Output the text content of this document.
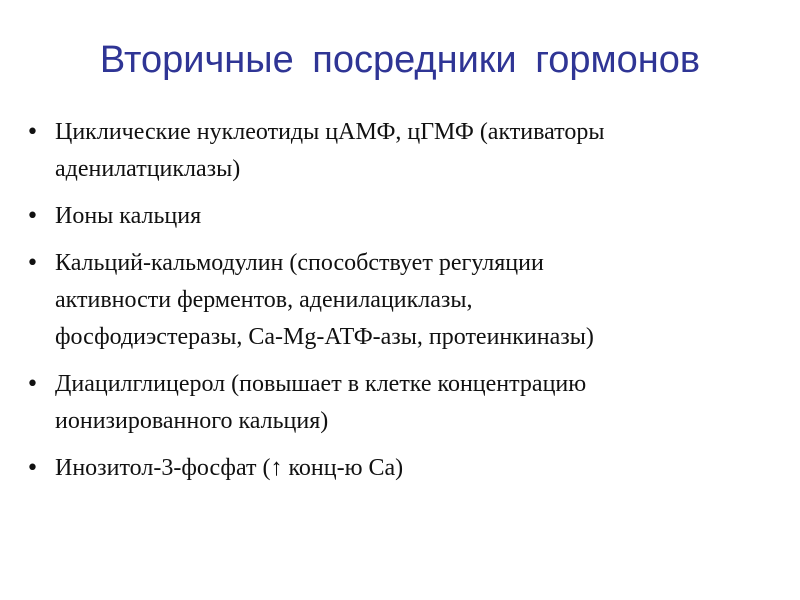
Вторичные посредники гормонов
• Циклические нуклеотиды цАМФ, цГМФ (активаторы
аденилатциклазы)
• Ионы кальция
• Кальций-кальмодулин (способствует регуляции
активности ферментов, аденилациклазы,
фосфодиэстеразы, Ca-Mg-АТФ-азы, протеинкиназы)
• Диацилглицерол (повышает в клетке концентрацию
ионизированного кальция)
• Инозитол-3-фосфат (↑ конц-ю Са)
